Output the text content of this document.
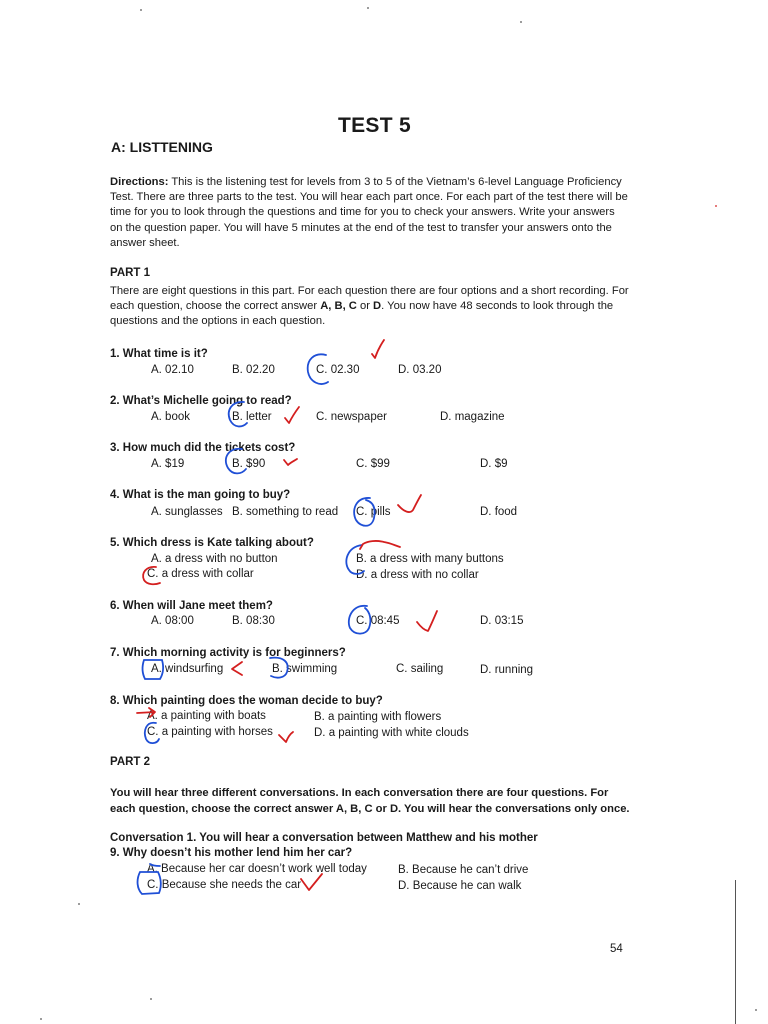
TEST 5
A: LISTTENING
Directions: This is the listening test for levels from 3 to 5 of the Vietnam’s 6-level Language Proficiency Test. There are three parts to the test. You will hear each part once. For each part of the test there will be time for you to look through the questions and time for you to check your answers. Write your answers on the question paper. You will have 5 minutes at the end of the test to transfer your answers onto the answer sheet.
PART 1
There are eight questions in this part. For each question there are four options and a short recording. For each question, choose the correct answer A, B, C or D. You now have 48 seconds to look through the questions and the options in each question.
1. What time is it?
A. 02.10	B. 02.20	C. 02.30	D. 03.20
2. What’s Michelle going to read?
A. book	B. letter	C. newspaper	D. magazine
3. How much did the tickets cost?
A. $19	B. $90	C. $99	D. $9
4. What is the man going to buy?
A. sunglasses B. something to read C. pills	D. food
5. Which dress is Kate talking about?
A. a dress with no button	B. a dress with many buttons
C. a dress with collar	D. a dress with no collar
6. When will Jane meet them?
A. 08:00	B. 08:30	C. 08:45	D. 03:15
7. Which morning activity is for beginners?
A. windsurfing	B. swimming	C. sailing	D. running
8. Which painting does the woman decide to buy?
A. a painting with boats	B. a painting with flowers
C. a painting with horses	D. a painting with white clouds
PART 2
You will hear three different conversations. In each conversation there are four questions. For each question, choose the correct answer A, B, C or D. You will hear the conversations only once.
Conversation 1. You will hear a conversation between Matthew and his mother
9. Why doesn’t his mother lend him her car?
A. Because her car doesn’t work well today	B. Because he can’t drive
C. Because she needs the car	D. Because he can walk
54
